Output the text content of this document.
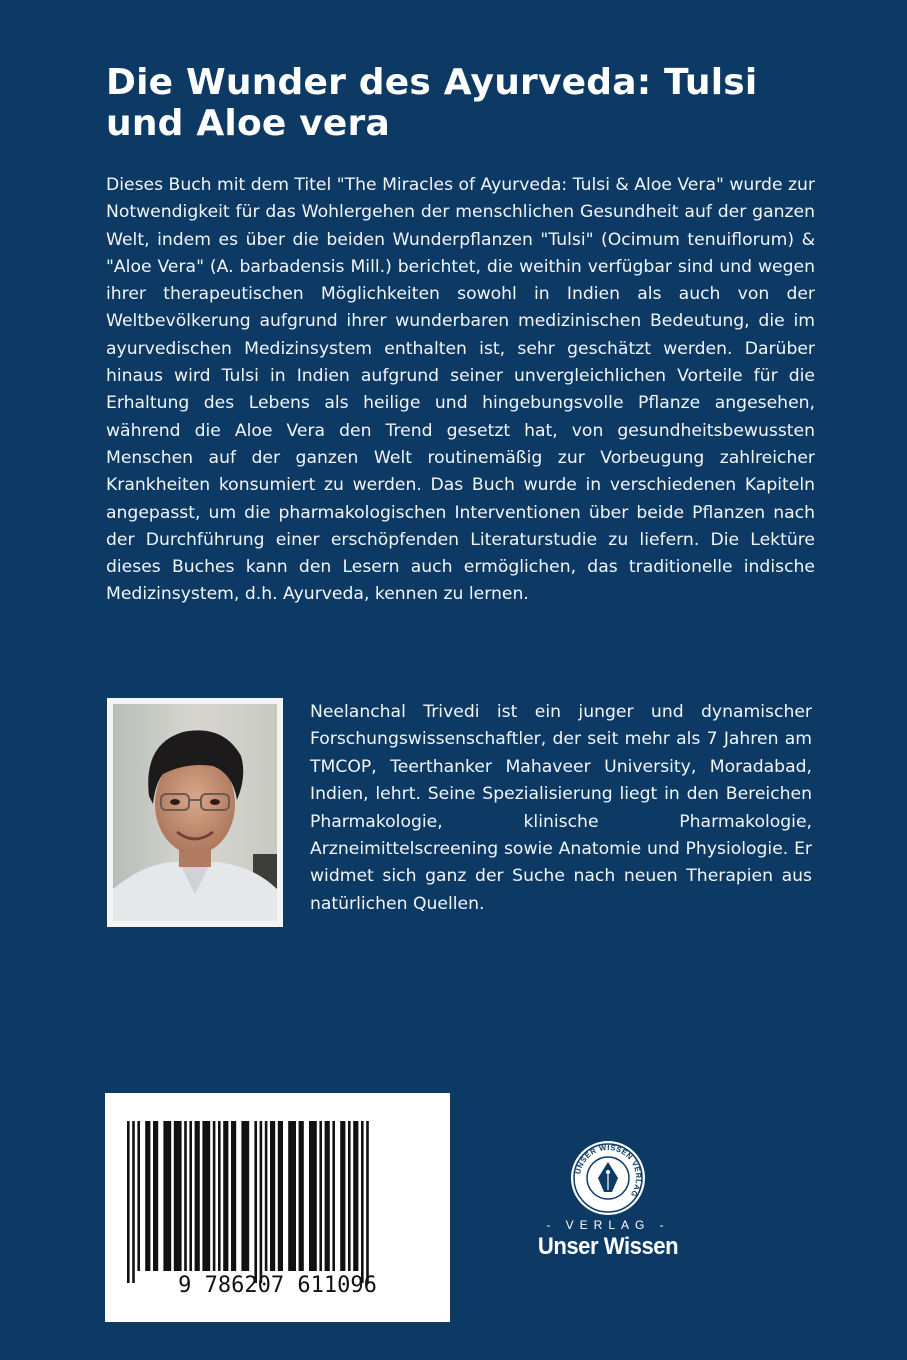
Die Wunder des Ayurveda: Tulsi und Aloe vera

Dieses Buch mit dem Titel "The Miracles of Ayurveda: Tulsi & Aloe Vera" wurde zur Notwendigkeit für das Wohlergehen der menschlichen Gesundheit auf der ganzen Welt, indem es über die beiden Wunderpflanzen "Tulsi" (Ocimum tenuiflorum) & "Aloe Vera" (A. barbadensis Mill.) berichtet, die weithin verfügbar sind und wegen ihrer therapeutischen Möglichkeiten sowohl in Indien als auch von der Weltbevölkerung aufgrund ihrer wunderbaren medizinischen Bedeutung, die im ayurvedischen Medizinsystem enthalten ist, sehr geschätzt werden. Darüber hinaus wird Tulsi in Indien aufgrund seiner unvergleichlichen Vorteile für die Erhaltung des Lebens als heilige und hingebungsvolle Pflanze angesehen, während die Aloe Vera den Trend gesetzt hat, von gesundheitsbewussten Menschen auf der ganzen Welt routinemäßig zur Vorbeugung zahlreicher Krankheiten konsumiert zu werden. Das Buch wurde in verschiedenen Kapiteln angepasst, um die pharmakologischen Interventionen über beide Pflanzen nach der Durchführung einer erschöpfenden Literaturstudie zu liefern. Die Lektüre dieses Buches kann den Lesern auch ermöglichen, das traditionelle indische Medizinsystem, d.h. Ayurveda, kennen zu lernen.

Neelanchal Trivedi ist ein junger und dynamischer Forschungswissenschaftler, der seit mehr als 7 Jahren am TMCOP, Teerthanker Mahaveer University, Moradabad, Indien, lehrt. Seine Spezialisierung liegt in den Bereichen Pharmakologie, klinische Pharmakologie, Arzneimittelscreening sowie Anatomie und Physiologie. Er widmet sich ganz der Suche nach neuen Therapien aus natürlichen Quellen.

9 786207 611096
UNSER WISSEN VERLAG
- VERLAG -
Unser Wissen
